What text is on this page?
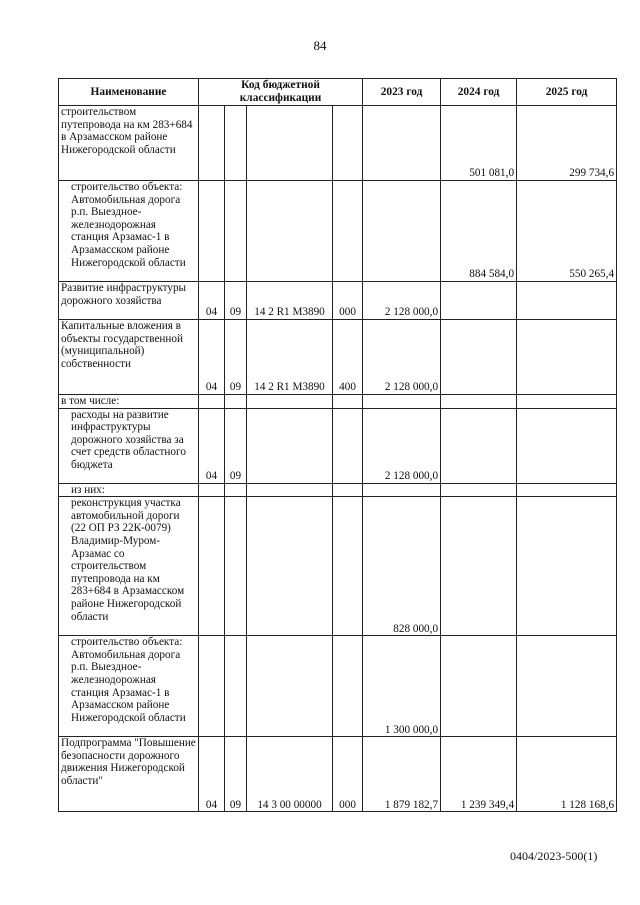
84
Наименование	Код бюджетной классификации				2023 год	2024 год	2025 год
строительством путепровода на км 283+684 в Арзамасском районе Нижегородской области						501 081,0	299 734,6
строительство объекта: Автомобильная дорога р.п. Выездное-железнодорожная станция Арзамас-1 в Арзамасском районе Нижегородской области						884 584,0	550 265,4
Развитие инфраструктуры дорожного хозяйства	04	09	14 2 R1 М3890	000	2 128 000,0		
Капитальные вложения в объекты государственной (муниципальной) собственности	04	09	14 2 R1 М3890	400	2 128 000,0		
в том числе:							
расходы на развитие инфраструктуры дорожного хозяйства за счет средств областного бюджета	04	09			2 128 000,0		
из них:							
реконструкция участка автомобильной дороги (22 ОП РЗ 22К-0079) Владимир-Муром-Арзамас со строительством путепровода на км 283+684 в Арзамасском районе Нижегородской области					828 000,0		
строительство объекта: Автомобильная дорога р.п. Выездное-железнодорожная станция Арзамас-1 в Арзамасском районе Нижегородской области					1 300 000,0		
Подпрограмма "Повышение безопасности дорожного движения Нижегородской области"	04	09	14 3 00 00000	000	1 879 182,7	1 239 349,4	1 128 168,6
0404/2023-500(1)
